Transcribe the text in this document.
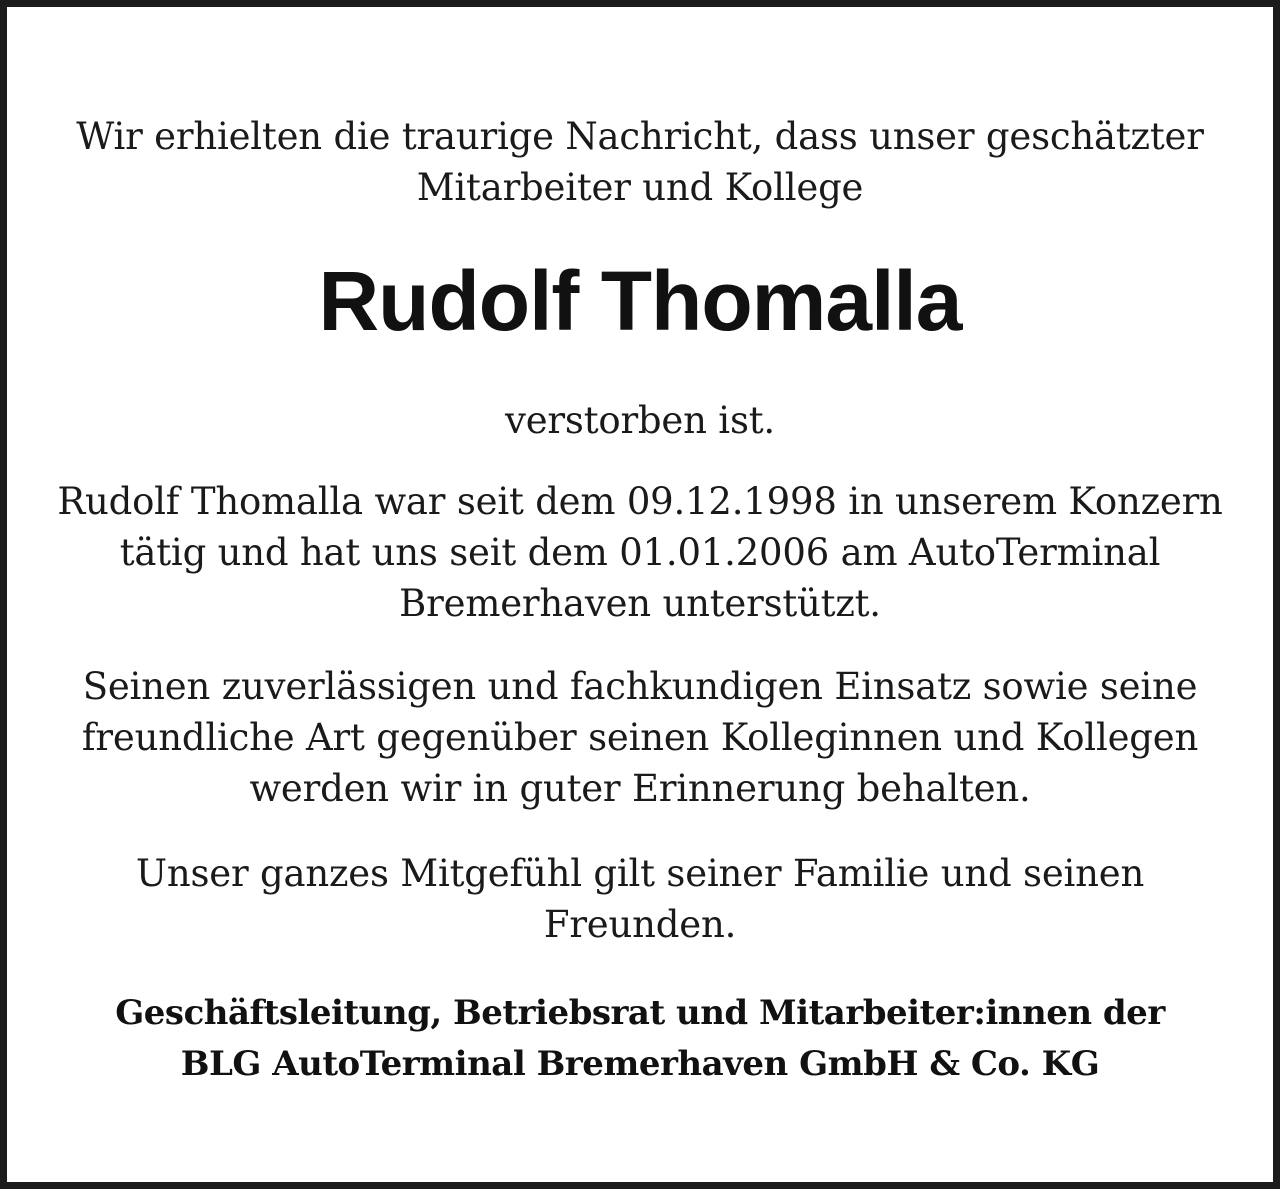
Wir erhielten die traurige Nachricht, dass unser geschätzter
Mitarbeiter und Kollege

Rudolf Thomalla

verstorben ist.

Rudolf Thomalla war seit dem 09.12.1998 in unserem Konzern
tätig und hat uns seit dem 01.01.2006 am AutoTerminal
Bremerhaven unterstützt.

Seinen zuverlässigen und fachkundigen Einsatz sowie seine
freundliche Art gegenüber seinen Kolleginnen und Kollegen
werden wir in guter Erinnerung behalten.

Unser ganzes Mitgefühl gilt seiner Familie und seinen
Freunden.

Geschäftsleitung, Betriebsrat und Mitarbeiter:innen der
BLG AutoTerminal Bremerhaven GmbH & Co. KG
